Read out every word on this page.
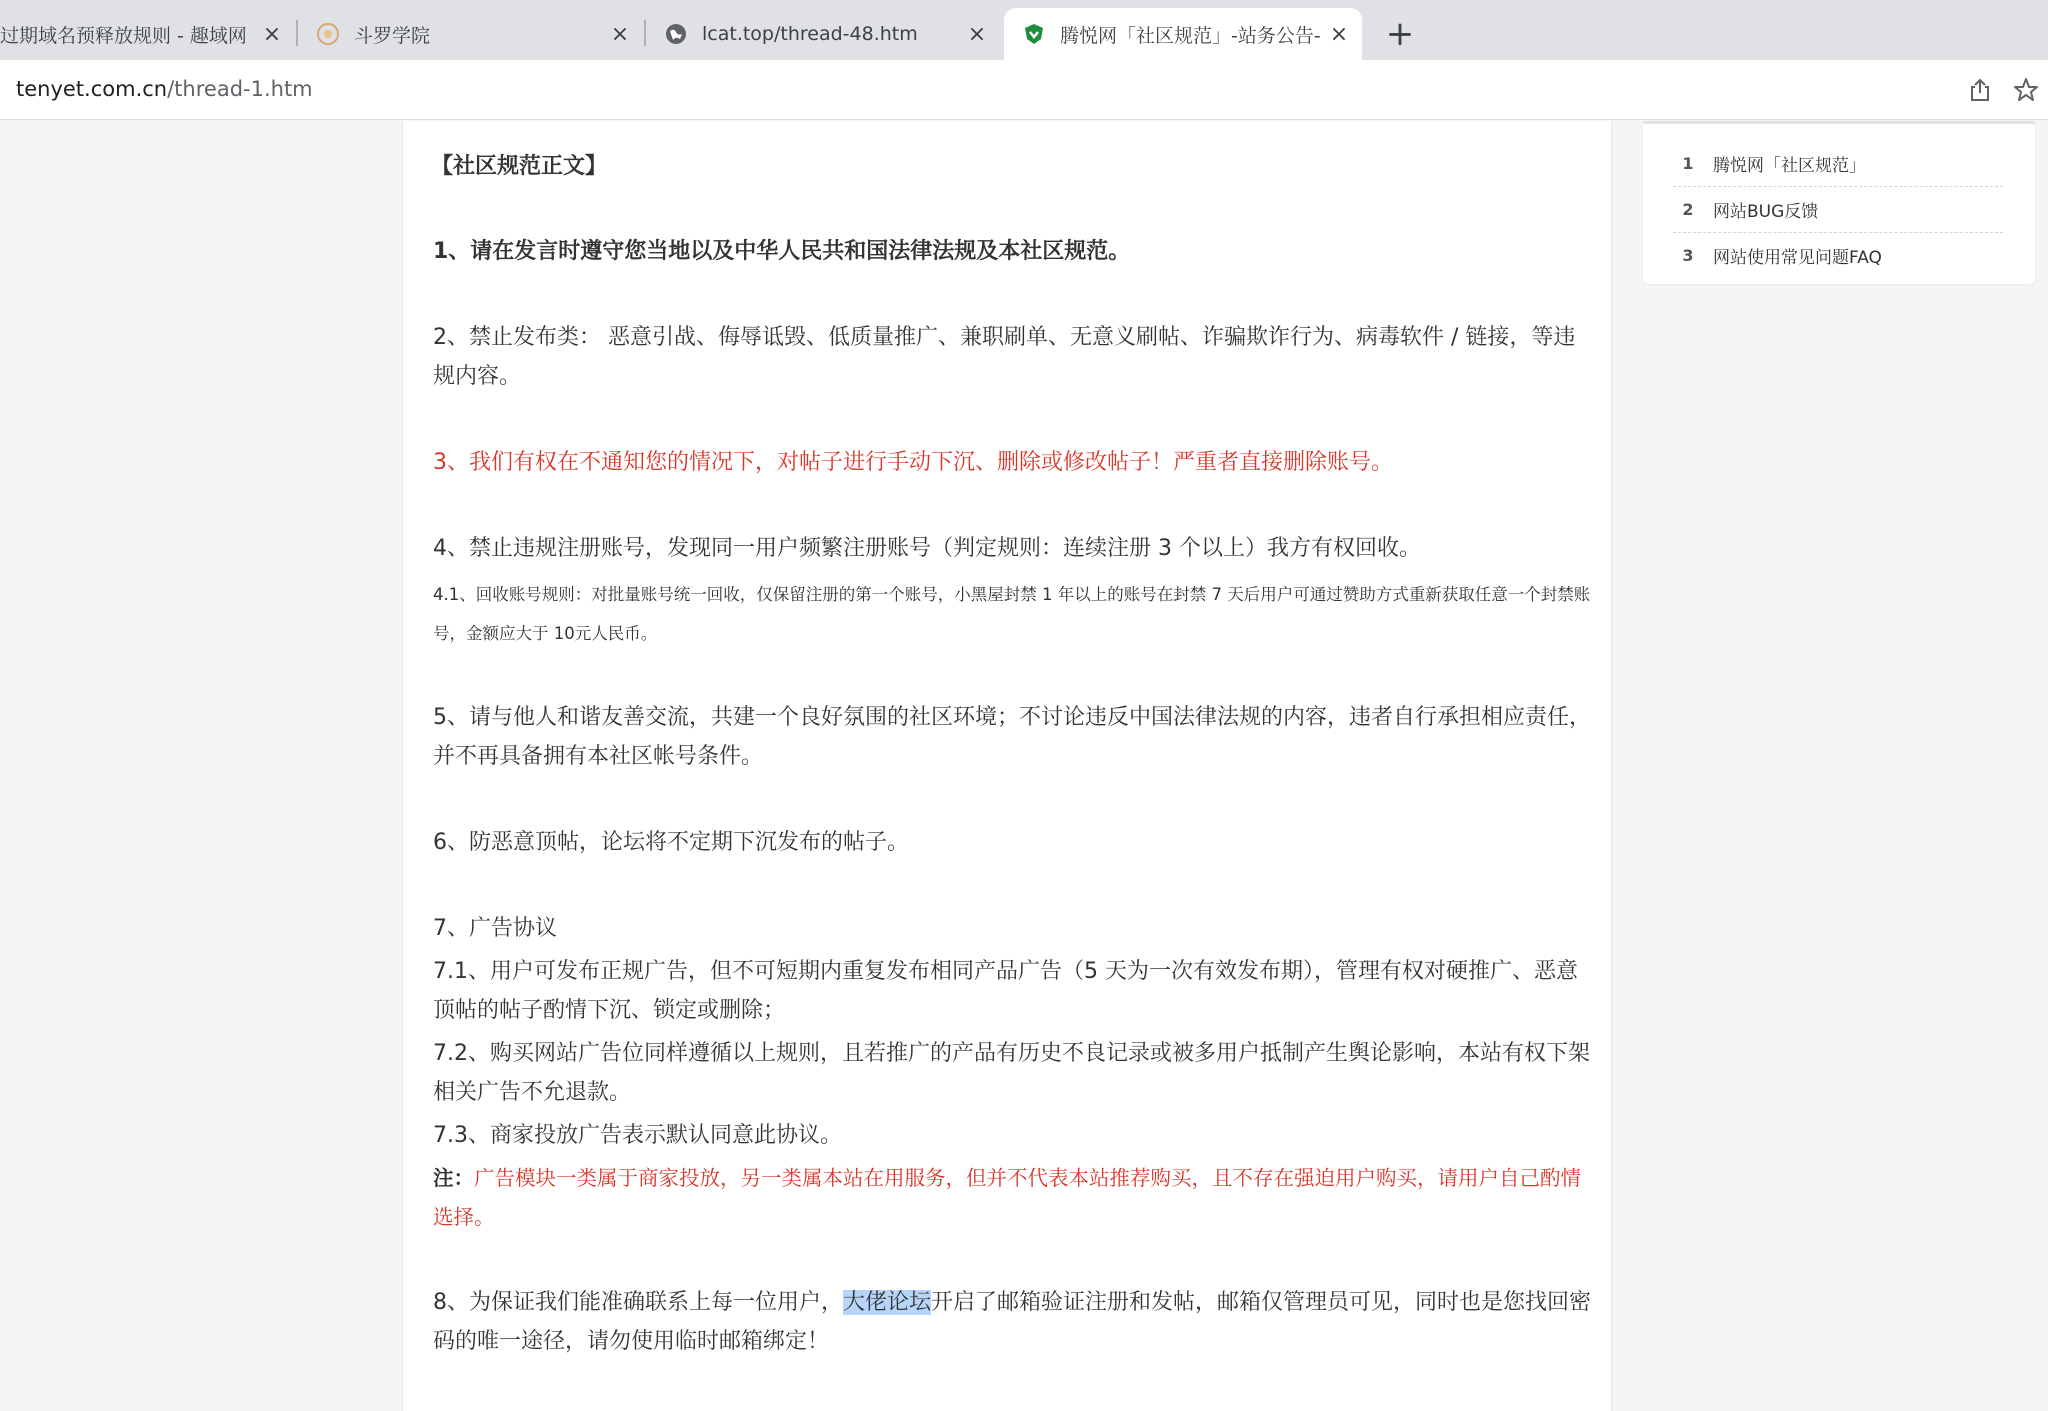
过期域名预释放规则 - 趣域网 ×	斗罗学院	×	lcat.top/thread-48.htm	×	腾悦网「社区规范」-站务公告- × +
tenyet.com.cn/thread-1.htm
【社区规范正文】
1、请在发言时遵守您当地以及中华人民共和国法律法规及本社区规范。
2、禁止发布类： 恶意引战、侮辱诋毁、低质量推广、兼职刷单、无意义刷帖、诈骗欺诈行为、病毒软件 / 链接，等违规内容。
3、我们有权在不通知您的情况下，对帖子进行手动下沉、删除或修改帖子！严重者直接删除账号。
4、禁止违规注册账号，发现同一用户频繁注册账号（判定规则：连续注册 3 个以上）我方有权回收。
4.1、回收账号规则：对批量账号统一回收，仅保留注册的第一个账号，小黑屋封禁 1 年以上的账号在封禁 7 天后用户可通过赞助方式重新获取任意一个封禁账号，金额应大于 10元人民币。
5、请与他人和谐友善交流，共建一个良好氛围的社区环境；不讨论违反中国法律法规的内容，违者自行承担相应责任，并不再具备拥有本社区帐号条件。
6、防恶意顶帖，论坛将不定期下沉发布的帖子。
7、广告协议
7.1、用户可发布正规广告，但不可短期内重复发布相同产品广告（5 天为一次有效发布期），管理有权对硬推广、恶意顶帖的帖子酌情下沉、锁定或删除；
7.2、购买网站广告位同样遵循以上规则，且若推广的产品有历史不良记录或被多用户抵制产生舆论影响，本站有权下架相关广告不允退款。
7.3、商家投放广告表示默认同意此协议。
注：广告模块一类属于商家投放，另一类属本站在用服务，但并不代表本站推荐购买，且不存在强迫用户购买，请用户自己酌情选择。
8、为保证我们能准确联系上每一位用户，大佬论坛开启了邮箱验证注册和发帖，邮箱仅管理员可见，同时也是您找回密码的唯一途径，请勿使用临时邮箱绑定！
1	腾悦网「社区规范」
2	网站BUG反馈
3	网站使用常见问题FAQ
